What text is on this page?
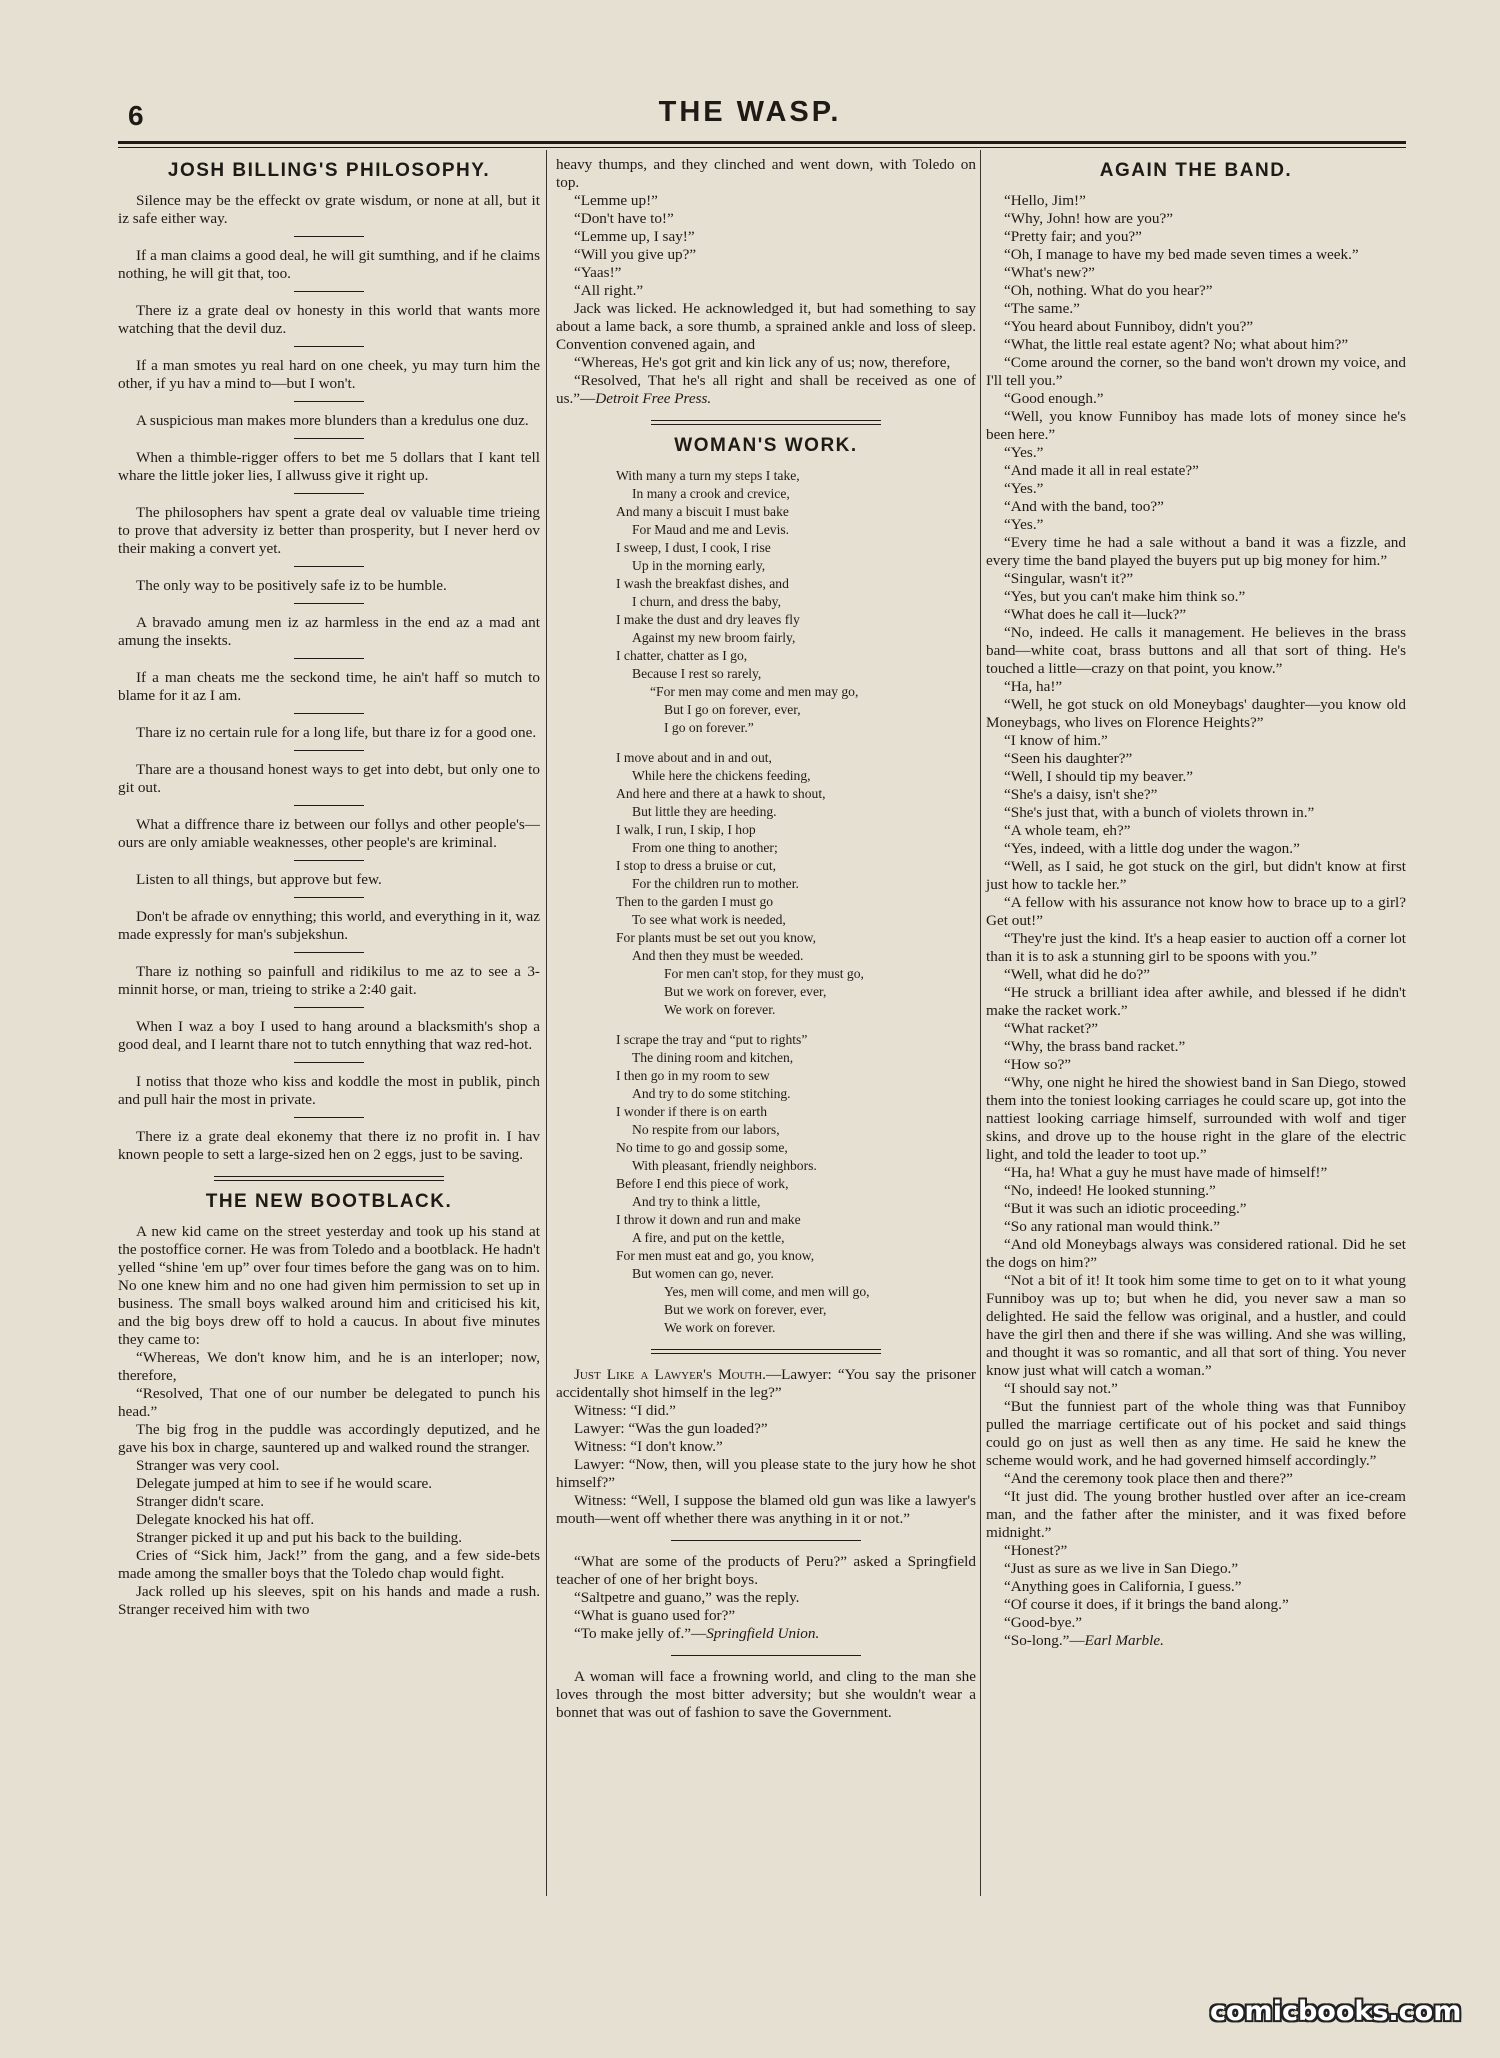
6	THE WASP.
JOSH BILLING'S PHILOSOPHY.

Silence may be the effeckt ov grate wisdum, or none at all, but it iz safe either way.

If a man claims a good deal, he will git sumthing, and if he claims nothing, he will git that, too.

There iz a grate deal ov honesty in this world that wants more watching that the devil duz.

If a man smotes yu real hard on one cheek, yu may turn him the other, if yu hav a mind to—but I won't.

A suspicious man makes more blunders than a kredulus one duz.

When a thimble-rigger offers to bet me 5 dollars that I kant tell whare the little joker lies, I allwuss give it right up.

The philosophers hav spent a grate deal ov valuable time trieing to prove that adversity iz better than prosperity, but I never herd ov their making a convert yet.

The only way to be positively safe iz to be humble.

A bravado amung men iz az harmless in the end az a mad ant amung the insekts.

If a man cheats me the seckond time, he ain't haff so mutch to blame for it az I am.

Thare iz no certain rule for a long life, but thare iz for a good one.

Thare are a thousand honest ways to get into debt, but only one to git out.

What a diffrence thare iz between our follys and other people's—ours are only amiable weaknesses, other people's are kriminal.

Listen to all things, but approve but few.

Don't be afrade ov ennything; this world, and everything in it, waz made expressly for man's subjekshun.

Thare iz nothing so painfull and ridikilus to me az to see a 3-minnit horse, or man, trieing to strike a 2:40 gait.

When I waz a boy I used to hang around a blacksmith's shop a good deal, and I learnt thare not to tutch ennything that waz red-hot.

I notiss that thoze who kiss and koddle the most in publik, pinch and pull hair the most in private.

There iz a grate deal ekonemy that there iz no profit in. I hav known people to sett a large-sized hen on 2 eggs, just to be saving.

THE NEW BOOTBLACK.

A new kid came on the street yesterday and took up his stand at the postoffice corner. He was from Toledo and a bootblack. He hadn't yelled “shine 'em up” over four times before the gang was on to him. No one knew him and no one had given him permission to set up in business. The small boys walked around him and criticised his kit, and the big boys drew off to hold a caucus. In about five minutes they came to:

“Whereas, We don't know him, and he is an interloper; now, therefore,

“Resolved, That one of our number be delegated to punch his head.”

The big frog in the puddle was accordingly deputized, and he gave his box in charge, sauntered up and walked round the stranger.

Stranger was very cool.

Delegate jumped at him to see if he would scare.

Stranger didn't scare.

Delegate knocked his hat off.

Stranger picked it up and put his back to the building.

Cries of “Sick him, Jack!” from the gang, and a few side-bets made among the smaller boys that the Toledo chap would fight.

Jack rolled up his sleeves, spit on his hands and made a rush. Stranger received him with two

heavy thumps, and they clinched and went down, with Toledo on top.

“Lemme up!”

“Don't have to!”

“Lemme up, I say!”

“Will you give up?”

“Yaas!”

“All right.”

Jack was licked. He acknowledged it, but had something to say about a lame back, a sore thumb, a sprained ankle and loss of sleep. Convention convened again, and

“Whereas, He's got grit and kin lick any of us; now, therefore,

“Resolved, That he's all right and shall be received as one of us.”—Detroit Free Press.

WOMAN'S WORK.
With many a turn my steps I take,
In many a crook and crevice,
And many a biscuit I must bake
For Maud and me and Levis.
I sweep, I dust, I cook, I rise
Up in the morning early,
I wash the breakfast dishes, and
I churn, and dress the baby,
I make the dust and dry leaves fly
Against my new broom fairly,
I chatter, chatter as I go,
Because I rest so rarely,
“For men may come and men may go,
But I go on forever, ever,
I go on forever.”
I move about and in and out,
While here the chickens feeding,
And here and there at a hawk to shout,
But little they are heeding.
I walk, I run, I skip, I hop
From one thing to another;
I stop to dress a bruise or cut,
For the children run to mother.
Then to the garden I must go
To see what work is needed,
For plants must be set out you know,
And then they must be weeded.
For men can't stop, for they must go,
But we work on forever, ever,
We work on forever.
I scrape the tray and “put to rights”
The dining room and kitchen,
I then go in my room to sew
And try to do some stitching.
I wonder if there is on earth
No respite from our labors,
No time to go and gossip some,
With pleasant, friendly neighbors.
Before I end this piece of work,
And try to think a little,
I throw it down and run and make
A fire, and put on the kettle,
For men must eat and go, you know,
But women can go, never.
Yes, men will come, and men will go,
But we work on forever, ever,
We work on forever.

Just Like a Lawyer's Mouth.—Lawyer: “You say the prisoner accidentally shot himself in the leg?”

Witness: “I did.”

Lawyer: “Was the gun loaded?”

Witness: “I don't know.”

Lawyer: “Now, then, will you please state to the jury how he shot himself?”

Witness: “Well, I suppose the blamed old gun was like a lawyer's mouth—went off whether there was anything in it or not.”

“What are some of the products of Peru?” asked a Springfield teacher of one of her bright boys.

“Saltpetre and guano,” was the reply.

“What is guano used for?”

“To make jelly of.”—Springfield Union.

A woman will face a frowning world, and cling to the man she loves through the most bitter adversity; but she wouldn't wear a bonnet that was out of fashion to save the Government.

AGAIN THE BAND.

“Hello, Jim!”

“Why, John! how are you?”

“Pretty fair; and you?”

“Oh, I manage to have my bed made seven times a week.”

“What's new?”

“Oh, nothing. What do you hear?”

“The same.”

“You heard about Funniboy, didn't you?”

“What, the little real estate agent? No; what about him?”

“Come around the corner, so the band won't drown my voice, and I'll tell you.”

“Good enough.”

“Well, you know Funniboy has made lots of money since he's been here.”

“Yes.”

“And made it all in real estate?”

“Yes.”

“And with the band, too?”

“Yes.”

“Every time he had a sale without a band it was a fizzle, and every time the band played the buyers put up big money for him.”

“Singular, wasn't it?”

“Yes, but you can't make him think so.”

“What does he call it—luck?”

“No, indeed. He calls it management. He believes in the brass band—white coat, brass buttons and all that sort of thing. He's touched a little—crazy on that point, you know.”

“Ha, ha!”

“Well, he got stuck on old Moneybags' daughter—you know old Moneybags, who lives on Florence Heights?”

“I know of him.”

“Seen his daughter?”

“Well, I should tip my beaver.”

“She's a daisy, isn't she?”

“She's just that, with a bunch of violets thrown in.”

“A whole team, eh?”

“Yes, indeed, with a little dog under the wagon.”

“Well, as I said, he got stuck on the girl, but didn't know at first just how to tackle her.”

“A fellow with his assurance not know how to brace up to a girl? Get out!”

“They're just the kind. It's a heap easier to auction off a corner lot than it is to ask a stunning girl to be spoons with you.”

“Well, what did he do?”

“He struck a brilliant idea after awhile, and blessed if he didn't make the racket work.”

“What racket?”

“Why, the brass band racket.”

“How so?”

“Why, one night he hired the showiest band in San Diego, stowed them into the toniest looking carriages he could scare up, got into the nattiest looking carriage himself, surrounded with wolf and tiger skins, and drove up to the house right in the glare of the electric light, and told the leader to toot up.”

“Ha, ha! What a guy he must have made of himself!”

“No, indeed! He looked stunning.”

“But it was such an idiotic proceeding.”

“So any rational man would think.”

“And old Moneybags always was considered rational. Did he set the dogs on him?”

“Not a bit of it! It took him some time to get on to it what young Funniboy was up to; but when he did, you never saw a man so delighted. He said the fellow was original, and a hustler, and could have the girl then and there if she was willing. And she was willing, and thought it was so romantic, and all that sort of thing. You never know just what will catch a woman.”

“I should say not.”

“But the funniest part of the whole thing was that Funniboy pulled the marriage certificate out of his pocket and said things could go on just as well then as any time. He said he knew the scheme would work, and he had governed himself accordingly.”

“And the ceremony took place then and there?”

“It just did. The young brother hustled over after an ice-cream man, and the father after the minister, and it was fixed before midnight.”

“Honest?”

“Just as sure as we live in San Diego.”

“Anything goes in California, I guess.”

“Of course it does, if it brings the band along.”

“Good-bye.”

“So-long.”—Earl Marble.

comicbooks.com
